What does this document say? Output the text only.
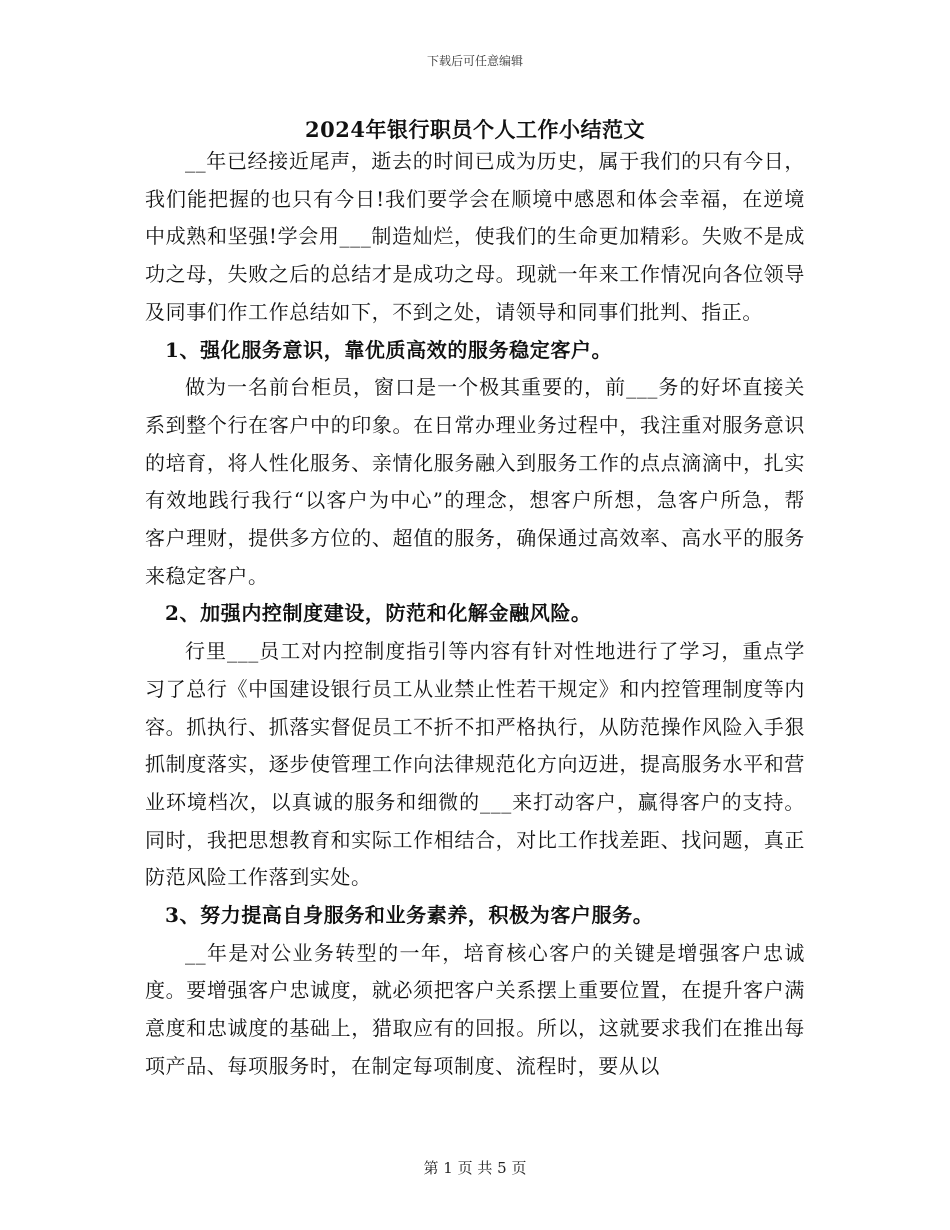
下载后可任意编辑
2024年银行职员个人工作小结范文

__年已经接近尾声，逝去的时间已成为历史，属于我们的只有今日，我们能把握的也只有今日!我们要学会在顺境中感恩和体会幸福，在逆境中成熟和坚强!学会用___制造灿烂，使我们的生命更加精彩。失败不是成功之母，失败之后的总结才是成功之母。现就一年来工作情况向各位领导及同事们作工作总结如下，不到之处，请领导和同事们批判、指正。

1、强化服务意识，靠优质高效的服务稳定客户。

做为一名前台柜员，窗口是一个极其重要的，前___务的好坏直接关系到整个行在客户中的印象。在日常办理业务过程中，我注重对服务意识的培育，将人性化服务、亲情化服务融入到服务工作的点点滴滴中，扎实有效地践行我行“以客户为中心”的理念，想客户所想，急客户所急，帮客户理财，提供多方位的、超值的服务，确保通过高效率、高水平的服务来稳定客户。

2、加强内控制度建设，防范和化解金融风险。

行里___员工对内控制度指引等内容有针对性地进行了学习，重点学习了总行《中国建设银行员工从业禁止性若干规定》和内控管理制度等内容。抓执行、抓落实督促员工不折不扣严格执行，从防范操作风险入手狠抓制度落实，逐步使管理工作向法律规范化方向迈进，提高服务水平和营业环境档次，以真诚的服务和细微的___来打动客户，赢得客户的支持。同时，我把思想教育和实际工作相结合，对比工作找差距、找问题，真正防范风险工作落到实处。

3、努力提高自身服务和业务素养，积极为客户服务。

__年是对公业务转型的一年，培育核心客户的关键是增强客户忠诚度。要增强客户忠诚度，就必须把客户关系摆上重要位置，在提升客户满意度和忠诚度的基础上，猎取应有的回报。所以，这就要求我们在推出每项产品、每项服务时，在制定每项制度、流程时，要从以

第 1 页 共 5 页
